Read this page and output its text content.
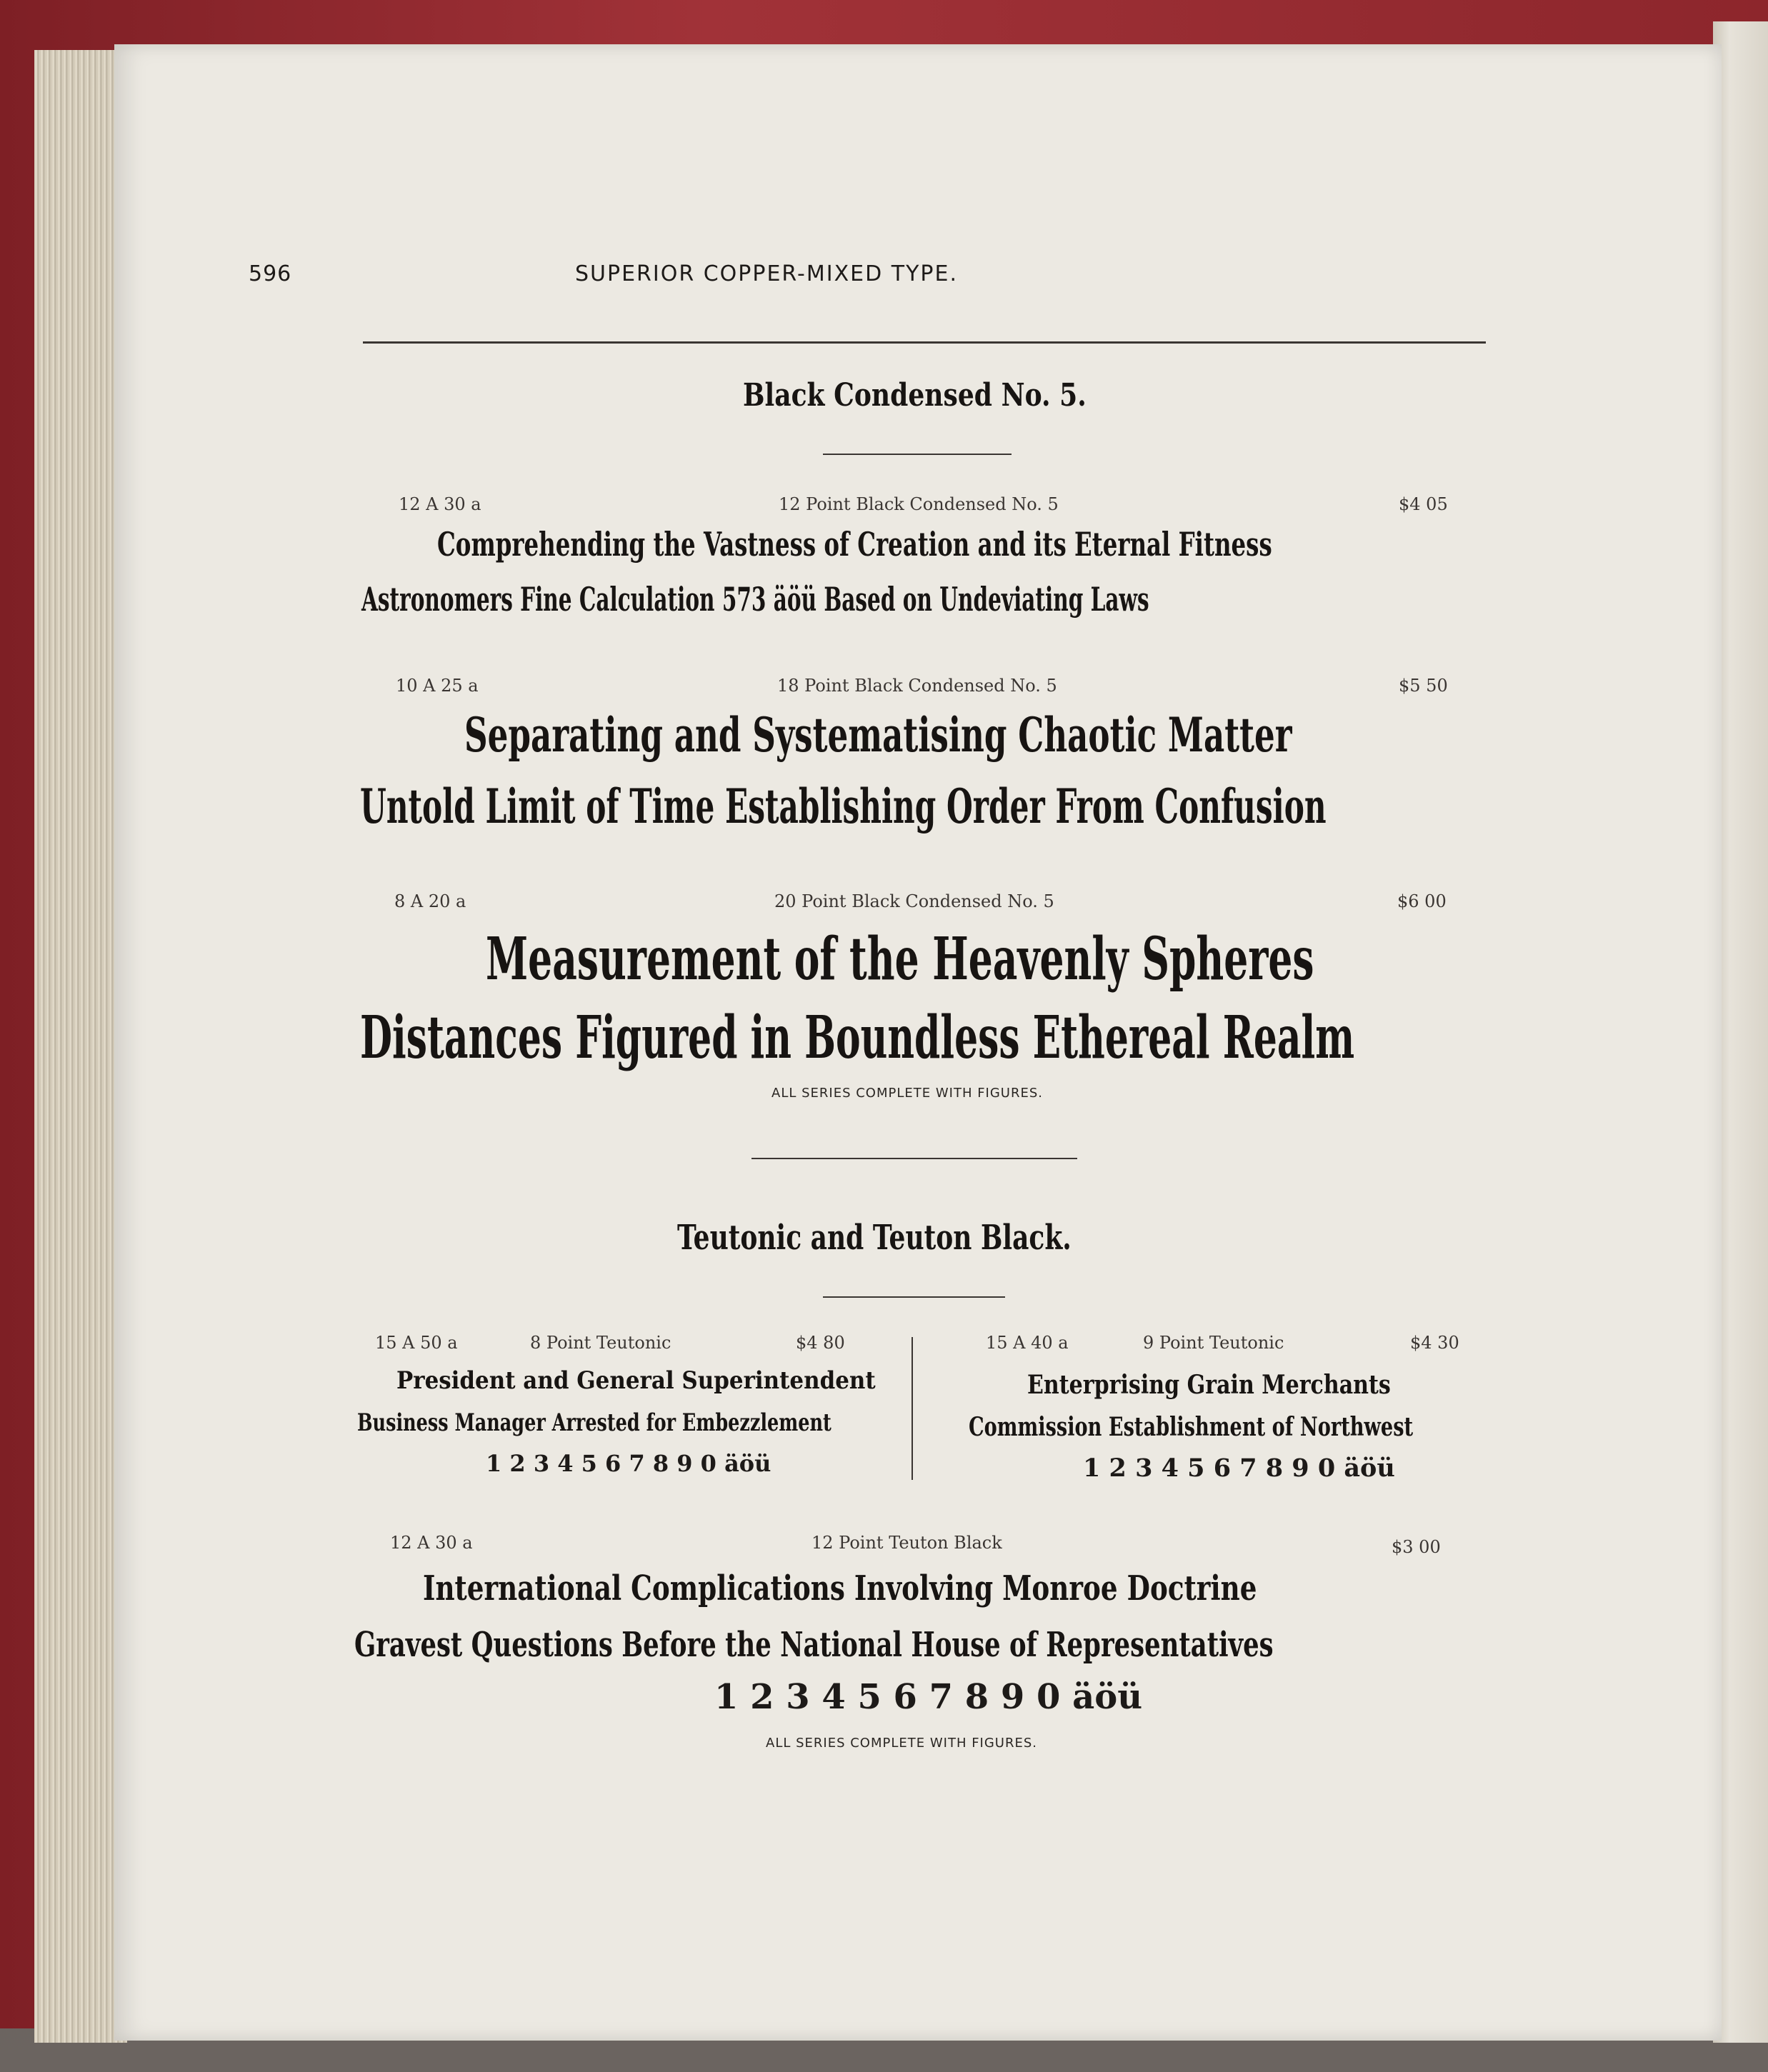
596	SUPERIOR COPPER-MIXED TYPE.
Black Condensed No. 5.
12 A 30 a	12 Point Black Condensed No. 5	$4 05
Comprehending the Vastness of Creation and its Eternal Fitness
Astronomers Fine Calculation 573 äöü Based on Undeviating Laws
10 A 25 a	18 Point Black Condensed No. 5	$5 50
Separating and Systematising Chaotic Matter
Untold Limit of Time Establishing Order From Confusion
8 A 20 a	20 Point Black Condensed No. 5	$6 00
Measurement of the Heavenly Spheres
Distances Figured in Boundless Ethereal Realm
ALL SERIES COMPLETE WITH FIGURES.
Teutonic and Teuton Black.
15 A 50 a	8 Point Teutonic	$4 80
President and General Superintendent
Business Manager Arrested for Embezzlement
1 2 3 4 5 6 7 8 9 0 äöü
15 A 40 a	9 Point Teutonic	$4 30
Enterprising Grain Merchants
Commission Establishment of Northwest
1 2 3 4 5 6 7 8 9 0 äöü
12 A 30 a	12 Point Teuton Black	$3 00
International Complications Involving Monroe Doctrine
Gravest Questions Before the National House of Representatives
1 2 3 4 5 6 7 8 9 0 äöü
ALL SERIES COMPLETE WITH FIGURES.
